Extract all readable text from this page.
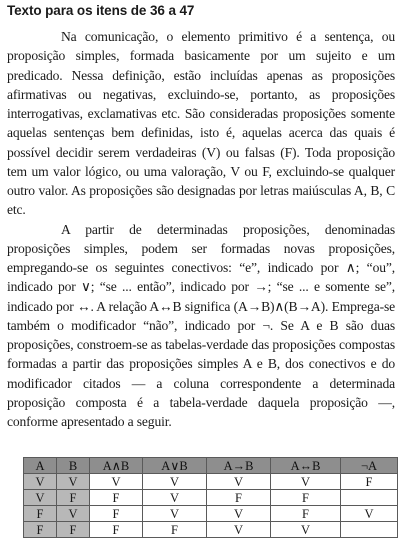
Texto para os itens de 36 a 47

Na comunicação, o elemento primitivo é a sentença, ou proposição simples, formada basicamente por um sujeito e um predicado. Nessa definição, estão incluídas apenas as proposições afirmativas ou negativas, excluindo-se, portanto, as proposições interrogativas, exclamativas etc. São consideradas proposições somente aquelas sentenças bem definidas, isto é, aquelas acerca das quais é possível decidir serem verdadeiras (V) ou falsas (F). Toda proposição tem um valor lógico, ou uma valoração, V ou F, excluindo-se qualquer outro valor. As proposições são designadas por letras maiúsculas A, B, C etc.

A partir de determinadas proposições, denominadas proposições simples, podem ser formadas novas proposições, empregando-se os seguintes conectivos: “e”, indicado por ∧; “ou”, indicado por ∨; “se ... então”, indicado por →; “se ... e somente se”, indicado por ↔. A relação A↔B significa (A→B)∧(B→A). Emprega-se também o modificador “não”, indicado por ¬. Se A e B são duas proposições, constroem-se as tabelas-verdade das proposições compostas formadas a partir das proposições simples A e B, dos conectivos e do modificador citados — a coluna correspondente a determinada proposição composta é a tabela-verdade daquela proposição —, conforme apresentado a seguir.

A	B	A∧B	A∨B	A→B	A↔B	¬A
V	V	V	V	V	V	F
V	F	F	V	F	F	
F	V	F	V	V	F	V
F	F	F	F	V	V	
